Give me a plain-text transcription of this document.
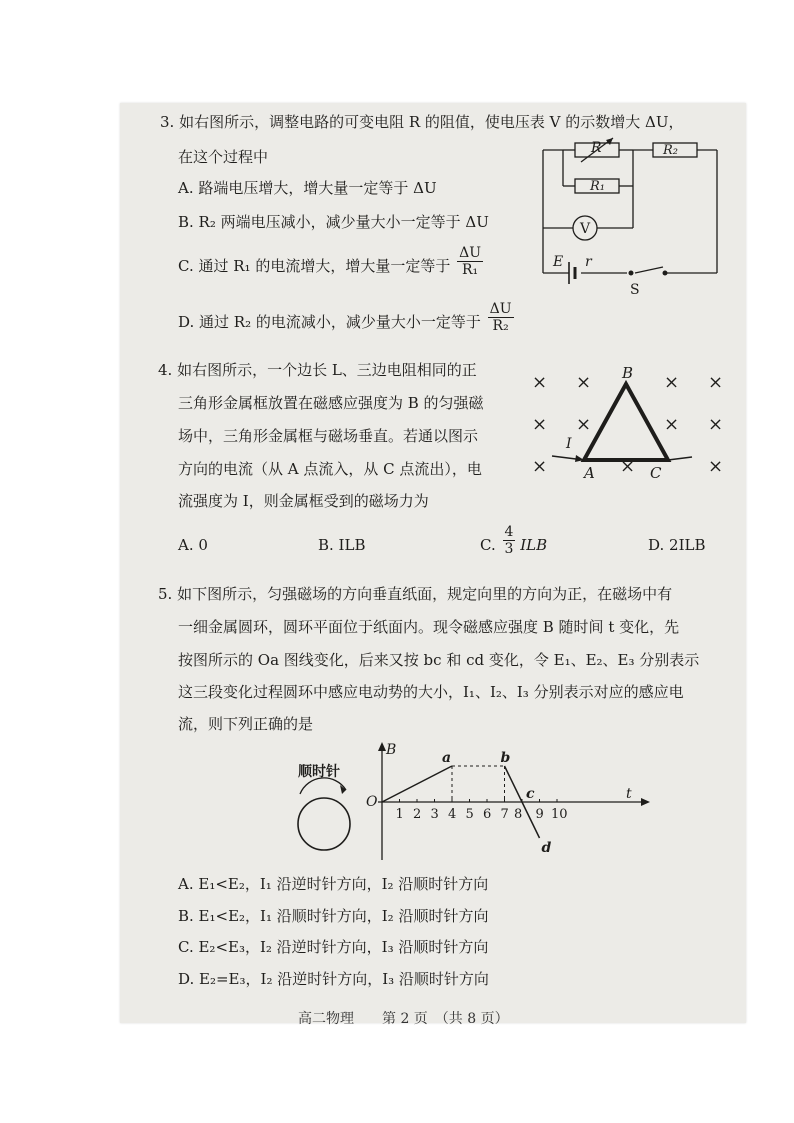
3. 如右图所示，调整电路的可变电阻 R 的阻值，使电压表 V 的示数增大 ΔU，
在这个过程中
A. 路端电压增大，增大量一定等于 ΔU
B. R₂ 两端电压减小，减少量大小一定等于 ΔU
C. 通过 R₁ 的电流增大，增大量一定等于 $\frac{\Delta U}{\text{R₁}}$
D. 通过 R₂ 的电流减小，减少量大小一定等于 $\frac{\Delta U}{\text{R₂}}$
R	R₂
R₁
V
E r
S
4. 如右图所示，一个边长 L、三边电阻相同的正
三角形金属框放置在磁感应强度为 B 的匀强磁
场中，三角形金属框与磁场垂直。若通以图示
方向的电流（从 A 点流入，从 C 点流出），电
流强度为 I，则金属框受到的磁场力为
A. 0	B. ILB	C. $\frac{4}{3}$ ILB	D. 2ILB
× ×	× ×
× ×	× ×
×	×	×
B
A	C
I
5. 如下图所示，匀强磁场的方向垂直纸面，规定向里的方向为正，在磁场中有
一细金属圆环，圆环平面位于纸面内。现令磁感应强度 B 随时间 t 变化，先
按图所示的 Oa 图线变化，后来又按 bc 和 cd 变化，令 E₁、E₂、E₃ 分别表示
这三段变化过程圆环中感应电动势的大小，I₁、I₂、I₃ 分别表示对应的感应电
流，则下列正确的是
顺时针
B
t
O
1 2 3 4 5 6 7 9 10
8
a	b
c
d
A. E₁<E₂，I₁ 沿逆时针方向，I₂ 沿顺时针方向
B. E₁<E₂，I₁ 沿顺时针方向，I₂ 沿顺时针方向
C. E₂<E₃，I₂ 沿逆时针方向，I₃ 沿顺时针方向
D. E₂=E₃，I₂ 沿逆时针方向，I₃ 沿顺时针方向
高二物理　　第 2 页　（共 8 页）
